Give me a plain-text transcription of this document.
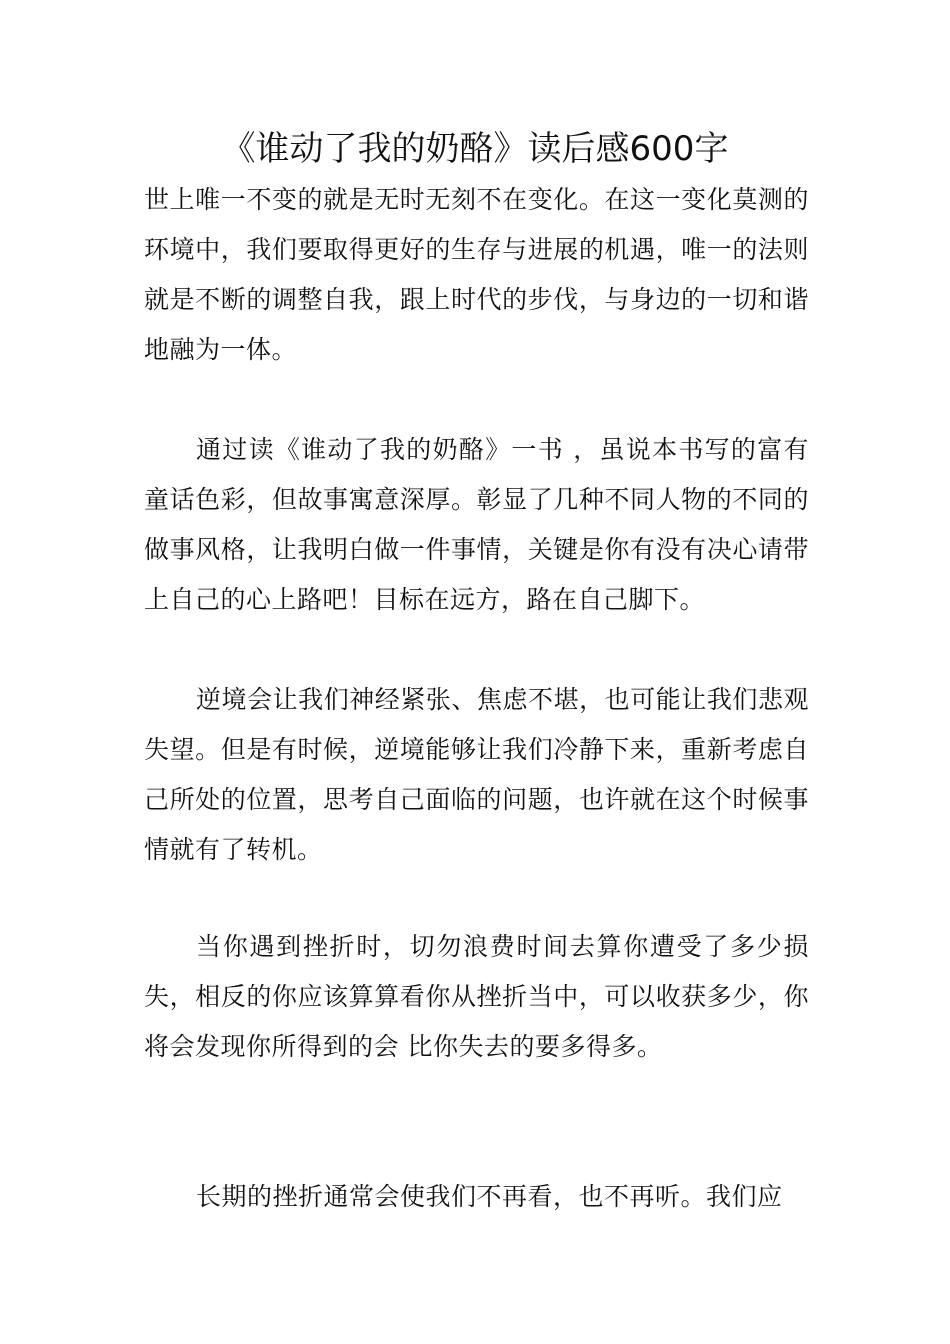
《谁动了我的奶酪》读后感600字

世上唯一不变的就是无时无刻不在变化。在这一变化莫测的环境中，我们要取得更好的生存与进展的机遇，唯一的法则就是不断的调整自我，跟上时代的步伐，与身边的一切和谐地融为一体。

通过读《谁动了我的奶酪》一书 ，虽说本书写的富有童话色彩，但故事寓意深厚。彰显了几种不同人物的不同的做事风格，让我明白做一件事情，关键是你有没有决心请带上自己的心上路吧！目标在远方，路在自己脚下。

逆境会让我们神经紧张、焦虑不堪，也可能让我们悲观失望。但是有时候，逆境能够让我们冷静下来，重新考虑自己所处的位置，思考自己面临的问题，也许就在这个时候事情就有了转机。

当你遇到挫折时，切勿浪费时间去算你遭受了多少损失，相反的你应该算算看你从挫折当中，可以收获多少，你将会发现你所得到的会 比你失去的要多得多。

长期的挫折通常会使我们不再看，也不再听。我们应
